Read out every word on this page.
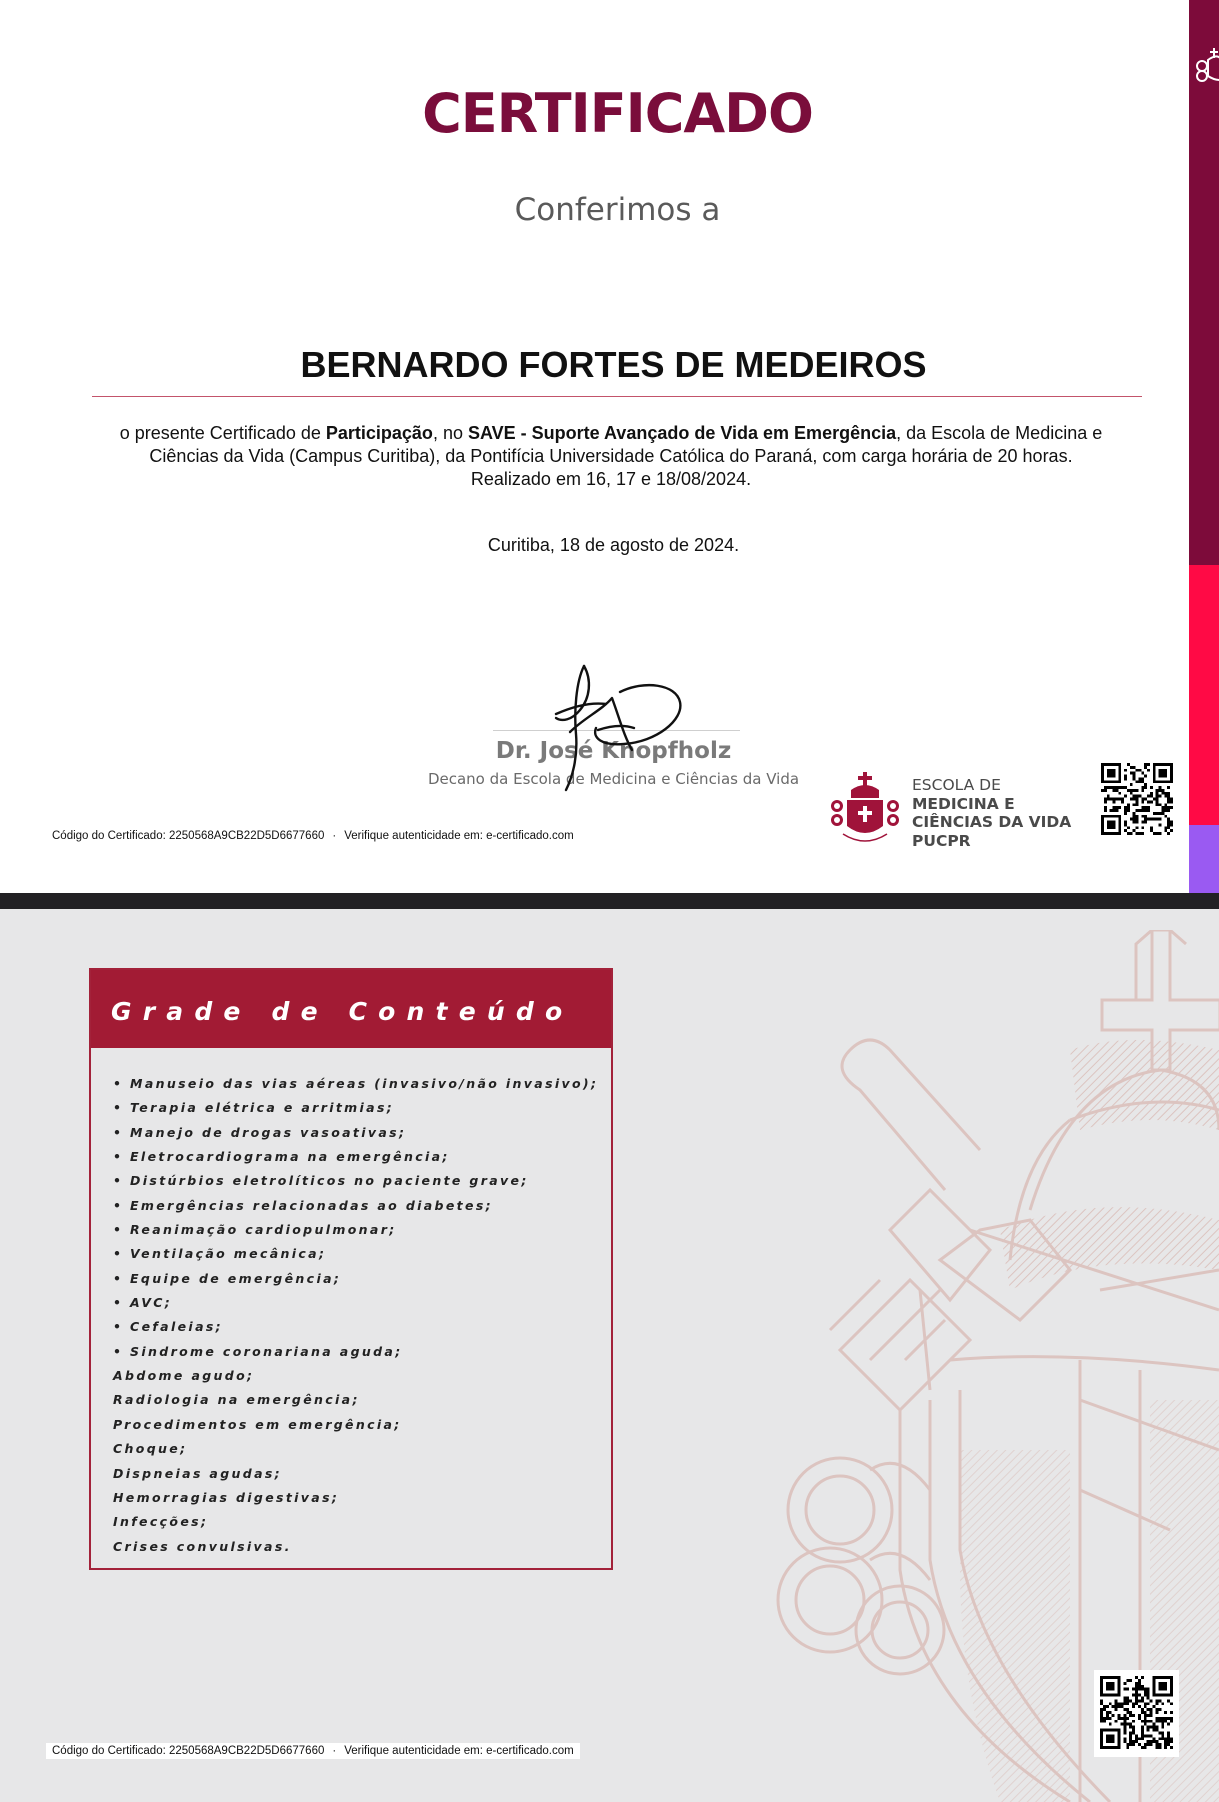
CERTIFICADO
Conferimos a
BERNARDO FORTES DE MEDEIROS
o presente Certificado de Participação, no SAVE - Suporte Avançado de Vida em Emergência, da Escola de Medicina e Ciências da Vida (Campus Curitiba), da Pontifícia Universidade Católica do Paraná, com carga horária de 20 horas.
Realizado em 16, 17 e 18/08/2024.
Curitiba, 18 de agosto de 2024.
Dr. José Knopfholz
Decano da Escola de Medicina e Ciências da Vida
Código do Certificado: 2250568A9CB22D5D6677660 · Verifique autenticidade em: e-certificado.com
ESCOLA DE
MEDICINA E
CIÊNCIAS DA VIDA
PUCPR
Grade de Conteúdo
• Manuseio das vias aéreas (invasivo/não invasivo);
• Terapia elétrica e arritmias;
• Manejo de drogas vasoativas;
• Eletrocardiograma na emergência;
• Distúrbios eletrolíticos no paciente grave;
• Emergências relacionadas ao diabetes;
• Reanimação cardiopulmonar;
• Ventilação mecânica;
• Equipe de emergência;
• AVC;
• Cefaleias;
• Sindrome coronariana aguda;
Abdome agudo;
Radiologia na emergência;
Procedimentos em emergência;
Choque;
Dispneias agudas;
Hemorragias digestivas;
Infecções;
Crises convulsivas.
Código do Certificado: 2250568A9CB22D5D6677660 · Verifique autenticidade em: e-certificado.com
